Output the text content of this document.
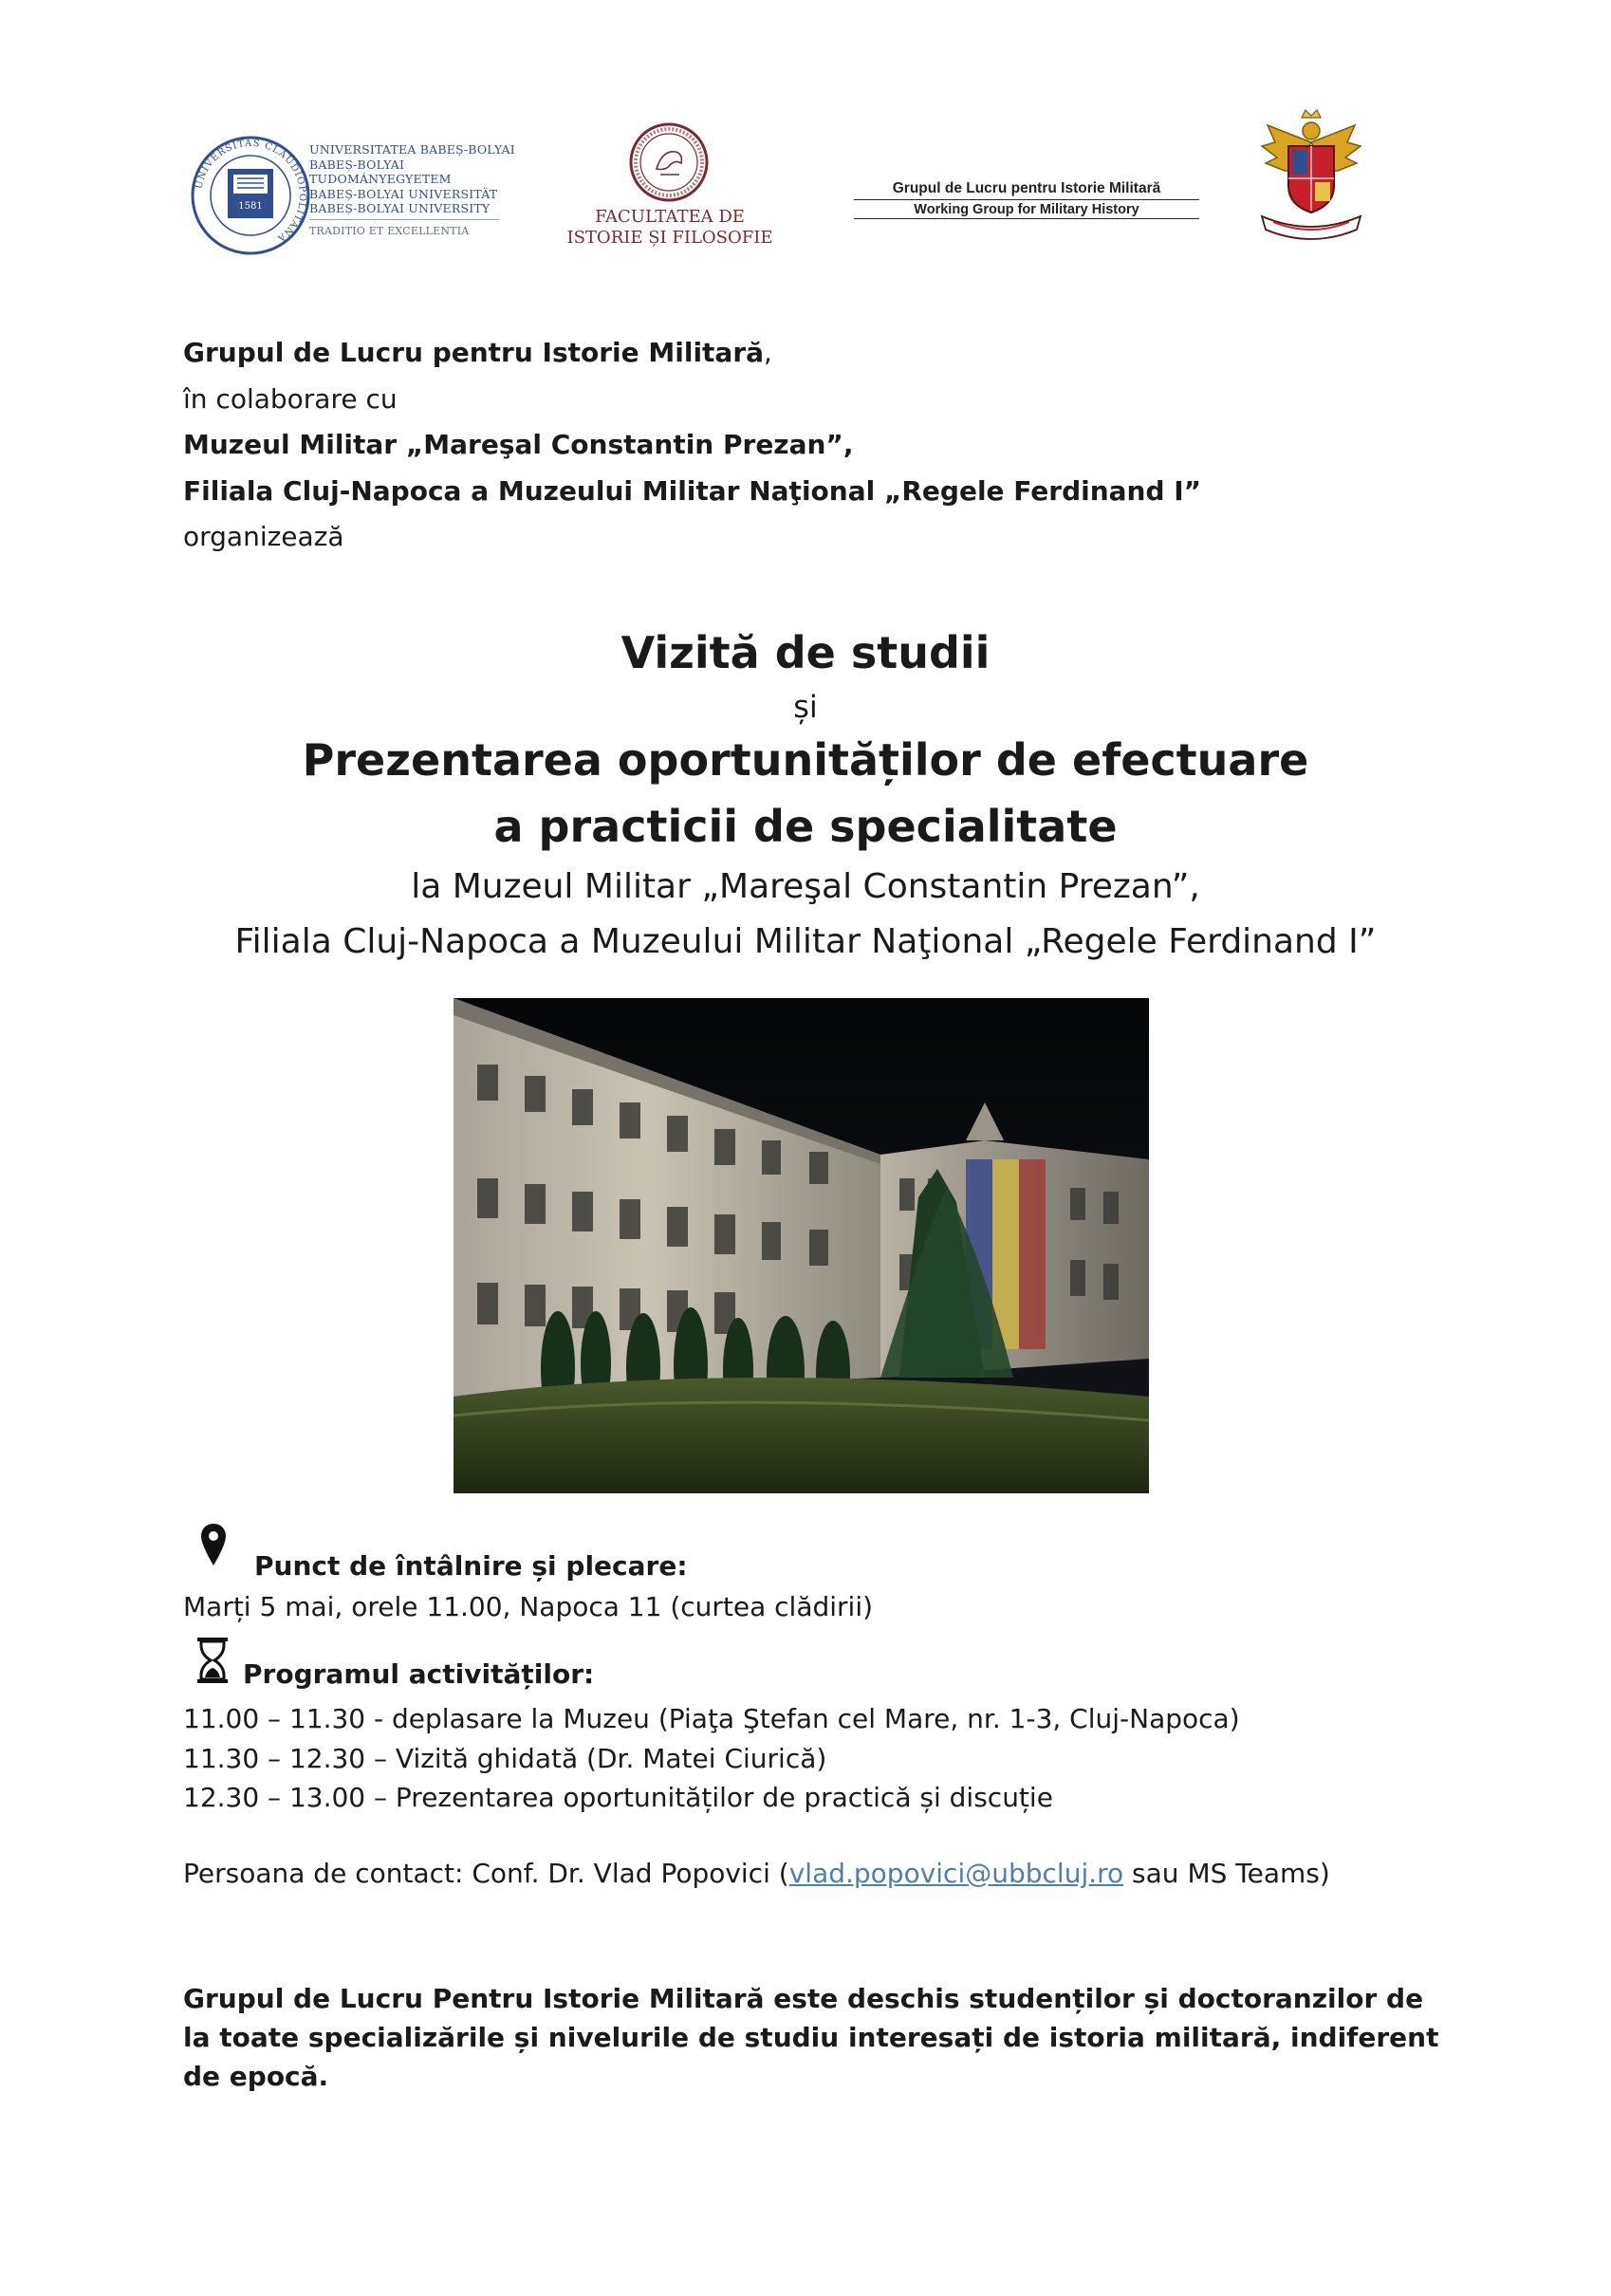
UNIVERSITAS CLAUDIOPOLITANA
1581
UNIVERSITATEA BABEȘ-BOLYAI
BABEȘ-BOLYAI TUDOMÁNYEGYETEM
BABEȘ-BOLYAI UNIVERSITÄT
BABEȘ-BOLYAI UNIVERSITY
TRADITIO ET EXCELLENTIA
FACULTATEA DE
ISTORIE ȘI FILOSOFIE
Grupul de Lucru pentru Istorie Militară
Working Group for Military History
Grupul de Lucru pentru Istorie Militară,
în colaborare cu
Muzeul Militar „Mareşal Constantin Prezan”,
Filiala Cluj-Napoca a Muzeului Militar Naţional „Regele Ferdinand I”
organizează
Vizită de studii
și
Prezentarea oportunităților de efectuare
a practicii de specialitate
la Muzeul Militar „Mareşal Constantin Prezan”,
Filiala Cluj-Napoca a Muzeului Militar Naţional „Regele Ferdinand I”
Punct de întâlnire și plecare:
Marți 5 mai, orele 11.00, Napoca 11 (curtea clădirii)
Programul activităților:
11.00 – 11.30 - deplasare la Muzeu (Piaţa Ştefan cel Mare, nr. 1-3, Cluj-Napoca)
11.30 – 12.30 – Vizită ghidată (Dr. Matei Ciurică)
12.30 – 13.00 – Prezentarea oportunităților de practică și discuție
Persoana de contact: Conf. Dr. Vlad Popovici (vlad.popovici@ubbcluj.ro sau MS Teams)
Grupul de Lucru Pentru Istorie Militară este deschis studenților și doctoranzilor de
la toate specializările și nivelurile de studiu interesați de istoria militară, indiferent
de epocă.
